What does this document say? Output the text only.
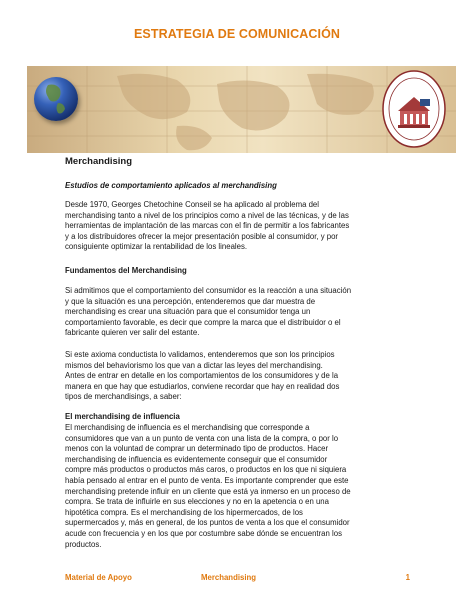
ESTRATEGIA DE COMUNICACIÓN
Merchandising
Estudios de comportamiento aplicados al merchandising
Desde 1970, Georges Chetochine Conseil se ha aplicado al problema del
merchandising tanto a nivel de los principios como a nivel de las técnicas, y de las
herramientas de implantación de las marcas con el fin de permitir a los fabricantes
y a los distribuidores ofrecer la mejor presentación posible al consumidor, y por
consiguiente optimizar la rentabilidad de los lineales.
Fundamentos del Merchandising
Si admitimos que el comportamiento del consumidor es la reacción a una situación
y que la situación es una percepción, entenderemos que dar muestra de
merchandising es crear una situación para que el consumidor tenga un
comportamiento favorable, es decir que compre la marca que el distribuidor o el
fabricante quieren ver salir del estante.
Si este axioma conductista lo validamos, entenderemos que son los principios
mismos del behaviorismo los que van a dictar las leyes del merchandising.
Antes de entrar en detalle en los comportamientos de los consumidores y de la
manera en que hay que estudiarlos, conviene recordar que hay en realidad dos
tipos de merchandisings, a saber:
El merchandising de influencia
El merchandising de influencia es el merchandising que corresponde a
consumidores que van a un punto de venta con una lista de la compra, o por lo
menos con la voluntad de comprar un determinado tipo de productos. Hacer
merchandising de influencia es evidentemente conseguir que el consumidor
compre más productos o productos más caros, o productos en los que ni siquiera
había pensado al entrar en el punto de venta. Es importante comprender que este
merchandising pretende influir en un cliente que está ya inmerso en un proceso de
compra. Se trata de influirle en sus elecciones y no en la apetencia o en una
hipotética compra. Es el merchandising de los hipermercados, de los
supermercados y, más en general, de los puntos de venta a los que el consumidor
acude con frecuencia y en los que por costumbre sabe dónde se encuentran los
productos.
Material de Apoyo	Merchandising	1
